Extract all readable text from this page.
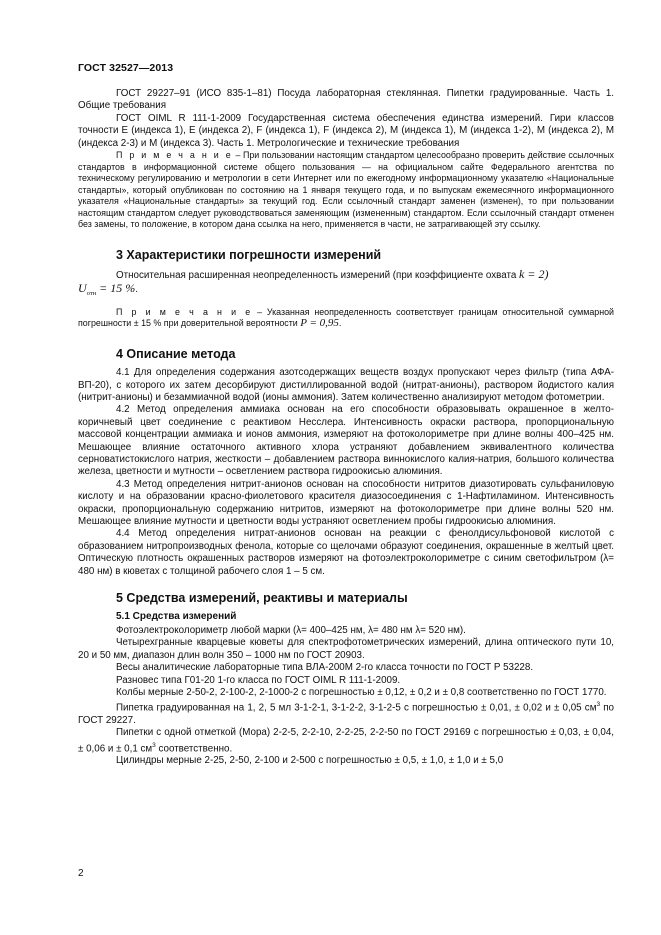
ГОСТ 32527—2013

ГОСТ 29227–91 (ИСО 835-1–81) Посуда лабораторная стеклянная. Пипетки градуированные. Часть 1. Общие требования

ГОСТ OIML R 111-1-2009 Государственная система обеспечения единства измерений. Гири классов точности E (индекса 1), E (индекса 2), F (индекса 1), F (индекса 2), M (индекса 1), M (индекса 1-2), M (индекса 2), M (индекса 2-3) и M (индекса 3). Часть 1. Метрологические и технические требования

П р и м е ч а н и е – При пользовании настоящим стандартом целесообразно проверить действие ссылочных стандартов в информационной системе общего пользования — на официальном сайте Федерального агентства по техническому регулированию и метрологии в сети Интернет или по ежегодному информационному указателю «Национальные стандарты», который опубликован по состоянию на 1 января текущего года, и по выпускам ежемесячного информационного указателя «Национальные стандарты» за текущий год. Если ссылочный стандарт заменен (изменен), то при пользовании настоящим стандартом следует руководствоваться заменяющим (измененным) стандартом. Если ссылочный стандарт отменен без замены, то положение, в котором дана ссылка на него, применяется в части, не затрагивающей эту ссылку.

3 Характеристики погрешности измерений

Относительная расширенная неопределенность измерений (при коэффициенте охвата k = 2)

$U_{отн} = 15$ %.

П р и м е ч а н и е – Указанная неопределенность соответствует границам относительной суммарной погрешности ± 15 % при доверительной вероятности P = 0,95.

4 Описание метода

4.1 Для определения содержания азотсодержащих веществ воздух пропускают через фильтр (типа АФА-ВП-20), с которого их затем десорбируют дистиллированной водой (нитрат-анионы), раствором йодистого калия (нитрит-анионы) и безаммиачной водой (ионы аммония). Затем количественно анализируют методом фотометрии.

4.2 Метод определения аммиака основан на его способности образовывать окрашенное в желто-коричневый цвет соединение с реактивом Несслера. Интенсивность окраски раствора, пропорциональную массовой концентрации аммиака и ионов аммония, измеряют на фотоколориметре при длине волны 400–425 нм. Мешающее влияние остаточного активного хлора устраняют добавлением эквивалентного количества серноватистокислого натрия, жесткости – добавлением раствора виннокислого калия-натрия, большого количества железа, цветности и мутности – осветлением раствора гидроокисью алюминия.

4.3 Метод определения нитрит-анионов основан на способности нитритов диазотировать сульфаниловую кислоту и на образовании красно-фиолетового красителя диазосоединения с 1-Нафтиламином. Интенсивность окраски, пропорциональную содержанию нитритов, измеряют на фотоколориметре при длине волны 520 нм. Мешающее влияние мутности и цветности воды устраняют осветлением пробы гидроокисью алюминия.

4.4 Метод определения нитрат-анионов основан на реакции с фенолдисульфоновой кислотой с образованием нитропроизводных фенола, которые со щелочами образуют соединения, окрашенные в желтый цвет. Оптическую плотность окрашенных растворов измеряют на фотоэлектроколориметре с синим светофильтром (λ= 480 нм) в кюветах с толщиной рабочего слоя 1 – 5 см.

5 Средства измерений, реактивы и материалы
5.1 Средства измерений

Фотоэлектроколориметр любой марки (λ= 400–425 нм, λ= 480 нм λ= 520 нм).

Четырехгранные кварцевые кюветы для спектрофотометрических измерений, длина оптического пути 10, 20 и 50 мм, диапазон длин волн 350 – 1000 нм по ГОСТ 20903.

Весы аналитические лабораторные типа ВЛА-200М 2-го класса точности по ГОСТ Р 53228.

Разновес типа Г01-20 1-го класса по ГОСТ OIML R 111-1-2009.

Колбы мерные 2-50-2, 2-100-2, 2-1000-2 с погрешностью ± 0,12, ± 0,2 и ± 0,8 соответственно по ГОСТ 1770.

Пипетка градуированная на 1, 2, 5 мл 3-1-2-1, 3-1-2-2, 3-1-2-5 с погрешностью ± 0,01, ± 0,02 и ± 0,05 $см^3$ по ГОСТ 29227.

Пипетки с одной отметкой (Мора) 2-2-5, 2-2-10, 2-2-25, 2-2-50 по ГОСТ 29169 с погрешностью ± 0,03, ± 0,04, ± 0,06 и ± 0,1 $см^3$ соответственно.

Цилиндры мерные 2-25, 2-50, 2-100 и 2-500 с погрешностью ± 0,5, ± 1,0, ± 1,0 и ± 5,0

2
